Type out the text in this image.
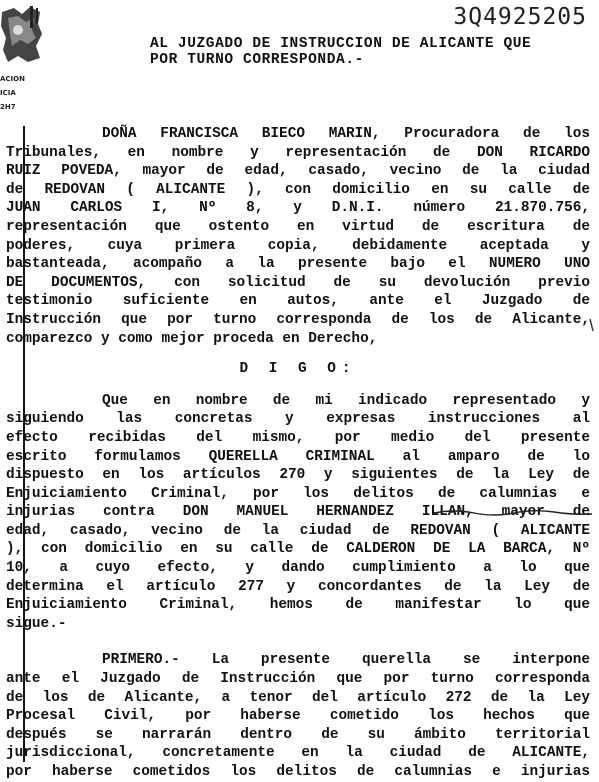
ACION
ICIA
2H7
3Q4925205
AL JUZGADO DE INSTRUCCION DE ALICANTE QUE
POR TURNO CORRESPONDA.-

DOÑA FRANCISCA BIECO MARIN, Procuradora de los
Tribunales, en nombre y representación de DON RICARDO
RUIZ POVEDA, mayor de edad, casado, vecino de la ciudad
de REDOVAN ( ALICANTE ), con domicilio en su calle de
JUAN CARLOS I, Nº 8, y D.N.I. número 21.870.756,
representación que ostento en virtud de escritura de
poderes, cuya primera copia, debidamente aceptada y
bastanteada, acompaño a la presente bajo el NUMERO UNO
DE DOCUMENTOS, con solicitud de su devolución previo
testimonio suficiente en autos, ante el Juzgado de
Instrucción que por turno corresponda de los de Alicante,
comparezco y como mejor proceda en Derecho,

D I G O:

Que en nombre de mi indicado representado y
siguiendo las concretas y expresas instrucciones al
efecto recibidas del mismo, por medio del presente
escrito formulamos QUERELLA CRIMINAL al amparo de lo
dispuesto en los artículos 270 y siguientes de la Ley de
Enjuiciamiento Criminal, por los delitos de calumnias e
injurias contra DON MANUEL HERNANDEZ ILLAN, mayor de
edad, casado, vecino de la ciudad de REDOVAN ( ALICANTE
), con domicilio en su calle de CALDERON DE LA BARCA, Nº
10, a cuyo efecto, y dando cumplimiento a lo que
determina el artículo 277 y concordantes de la Ley de
Enjuiciamiento Criminal, hemos de manifestar lo que
sigue.-

PRIMERO.- La presente querella se interpone
ante el Juzgado de Instrucción que por turno corresponda
de los de Alicante, a tenor del artículo 272 de la Ley
Procesal Civil, por haberse cometido los hechos que
después se narrarán dentro de su ámbito territorial
jurisdiccional, concretamente en la ciudad de ALICANTE,
por haberse cometidos los delitos de calumnias e injurias
